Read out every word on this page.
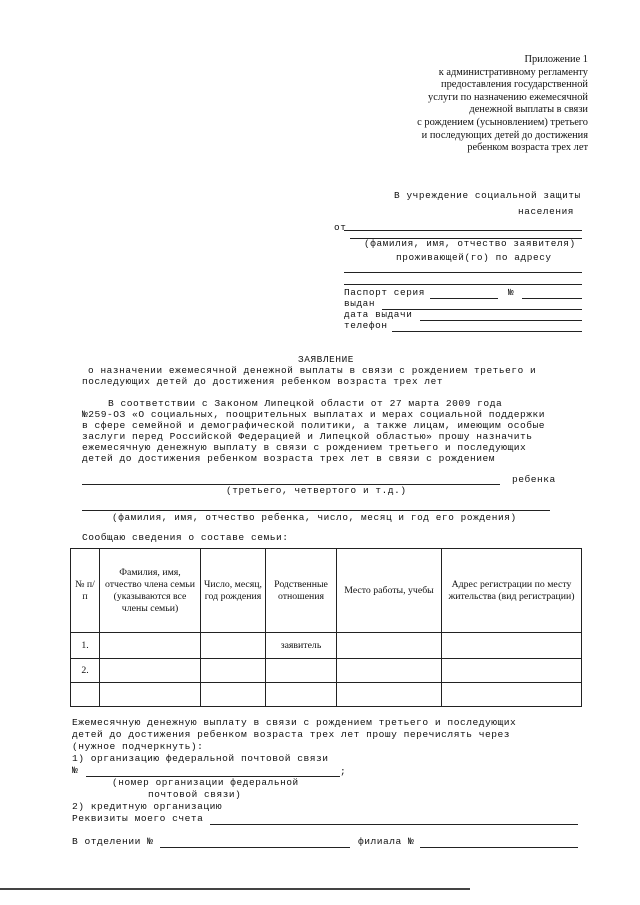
Приложение 1
к административному регламенту
предоставления государственной
услуги по назначению ежемесячной
денежной выплаты в связи
с рождением (усыновлением) третьего
и последующих детей до достижения
ребенком возраста трех лет
В учреждение социальной защиты
населения
от
(фамилия, имя, отчество заявителя)
проживающей(го) по адресу
Паспорт серия	№
выдан
дата выдачи
телефон
ЗАЯВЛЕНИЕ
о назначении ежемесячной денежной выплаты в связи с рождением третьего и
последующих детей до достижения ребенком возраста трех лет
В соответствии с Законом Липецкой области от 27 марта 2009 года
№259-ОЗ «О социальных, поощрительных выплатах и мерах социальной поддержки
в сфере семейной и демографической политики, а также лицам, имеющим особые
заслуги перед Российской Федерацией и Липецкой областью» прошу назначить
ежемесячную денежную выплату в связи с рождением третьего и последующих
детей до достижения ребенком возраста трех лет в связи с рождением
ребенка
(третьего, четвертого и т.д.)
(фамилия, имя, отчество ребенка, число, месяц и год его рождения)
Сообщаю сведения о составе семьи:
№ п/п	Фамилия, имя, отчество члена семьи (указываются все члены семьи)	Число, месяц, год рождения	Родственные отношения	Место работы, учебы	Адрес регистрации по месту жительства (вид регистрации)
1.			заявитель		
2.					

Ежемесячную денежную выплату в связи с рождением третьего и последующих
детей до достижения ребенком возраста трех лет прошу перечислять через
(нужное подчеркнуть):
1) организацию федеральной почтовой связи
№	;
(номер организации федеральной
почтовой связи)
2) кредитную организацию
Реквизиты моего счета
В отделении №	филиала №
